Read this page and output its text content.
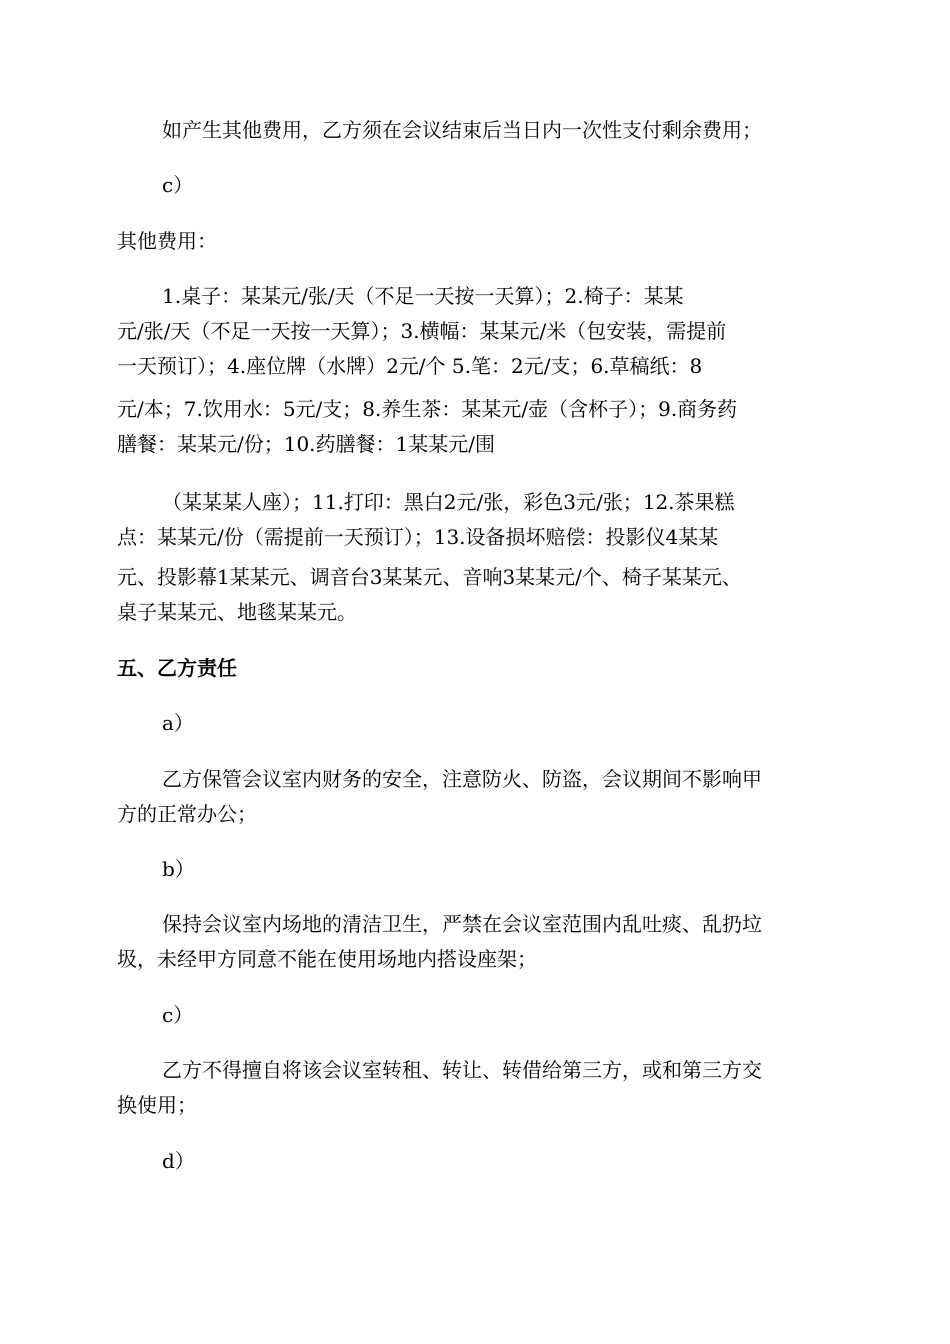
如产生其他费用，乙方须在会议结束后当日内一次性支付剩余费用；
c）
其他费用：
1.桌子：某某元/张/天（不足一天按一天算）；2.椅子：某某
元/张/天（不足一天按一天算）；3.横幅：某某元/米（包安装，需提前
一天预订）；4.座位牌（水牌）2元/个 5.笔：2元/支；6.草稿纸：8
元/本；7.饮用水：5元/支；8.养生茶：某某元/壶（含杯子）；9.商务药
膳餐：某某元/份；10.药膳餐：1某某元/围
（某某某人座）；11.打印：黑白2元/张，彩色3元/张；12.茶果糕
点：某某元/份（需提前一天预订）；13.设备损坏赔偿：投影仪4某某
元、投影幕1某某元、调音台3某某元、音响3某某元/个、椅子某某元、
桌子某某元、地毯某某元。
五、乙方责任
a）
乙方保管会议室内财务的安全，注意防火、防盗，会议期间不影响甲
方的正常办公；
b）
保持会议室内场地的清洁卫生，严禁在会议室范围内乱吐痰、乱扔垃
圾，未经甲方同意不能在使用场地内搭设座架；
c）
乙方不得擅自将该会议室转租、转让、转借给第三方，或和第三方交
换使用；
d）
